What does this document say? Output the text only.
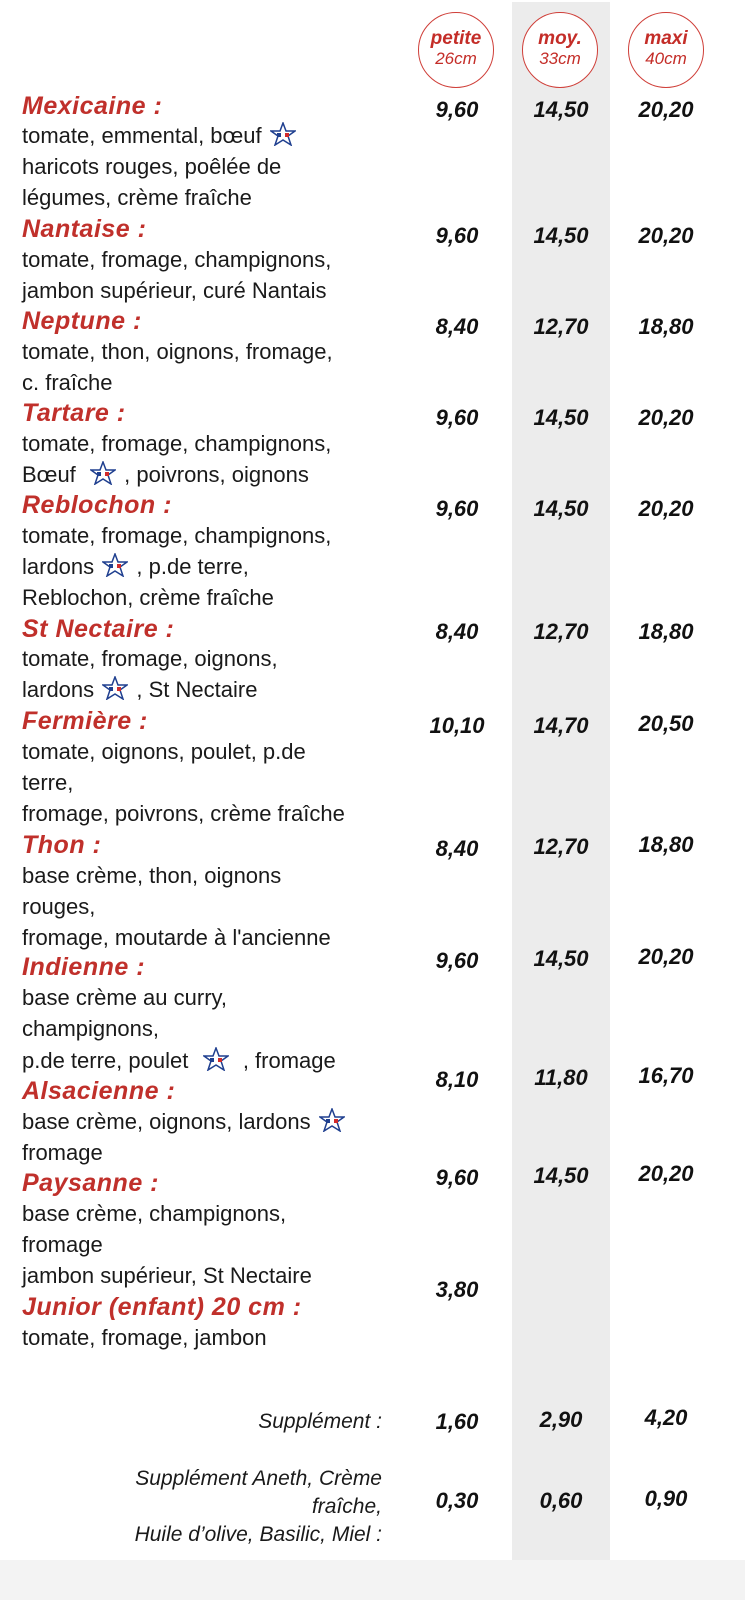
petite
26cm
moy.
33cm
maxi
40cm
Mexicaine :
tomate, emmental, bœuf
haricots rouges, poêlée de
légumes, crème fraîche
9,60	14,50	20,20
Nantaise :
tomate, fromage, champignons,
jambon supérieur, curé Nantais
9,60	14,50	20,20
Neptune :
tomate, thon, oignons, fromage,
c. fraîche
8,40	12,70	18,80
Tartare :
tomate, fromage, champignons,
Bœuf , poivrons, oignons
9,60	14,50	20,20
Reblochon :
tomate, fromage, champignons,
lardons , p.de terre,
Reblochon, crème fraîche
9,60	14,50	20,20
St Nectaire :
tomate, fromage, oignons,
lardons , St Nectaire
8,40	12,70	18,80
Fermière :
tomate, oignons, poulet, p.de
terre,
fromage, poivrons, crème fraîche
10,10	14,70	20,50
Thon :
base crème, thon, oignons
rouges,
fromage, moutarde à l'ancienne
8,40	12,70	18,80
Indienne :
base crème au curry,
champignons,
p.de terre, poulet , fromage
9,60	14,50	20,20
Alsacienne :
base crème, oignons, lardons
fromage
8,10	11,80	16,70
Paysanne :
base crème, champignons,
fromage
jambon supérieur, St Nectaire
9,60	14,50	20,20
Junior (enfant) 20 cm :
tomate, fromage, jambon
3,80
Supplément :	1,60	2,90	4,20
Supplément Aneth, Crème
fraîche,
Huile d’olive, Basilic, Miel :
0,30	0,60	0,90
